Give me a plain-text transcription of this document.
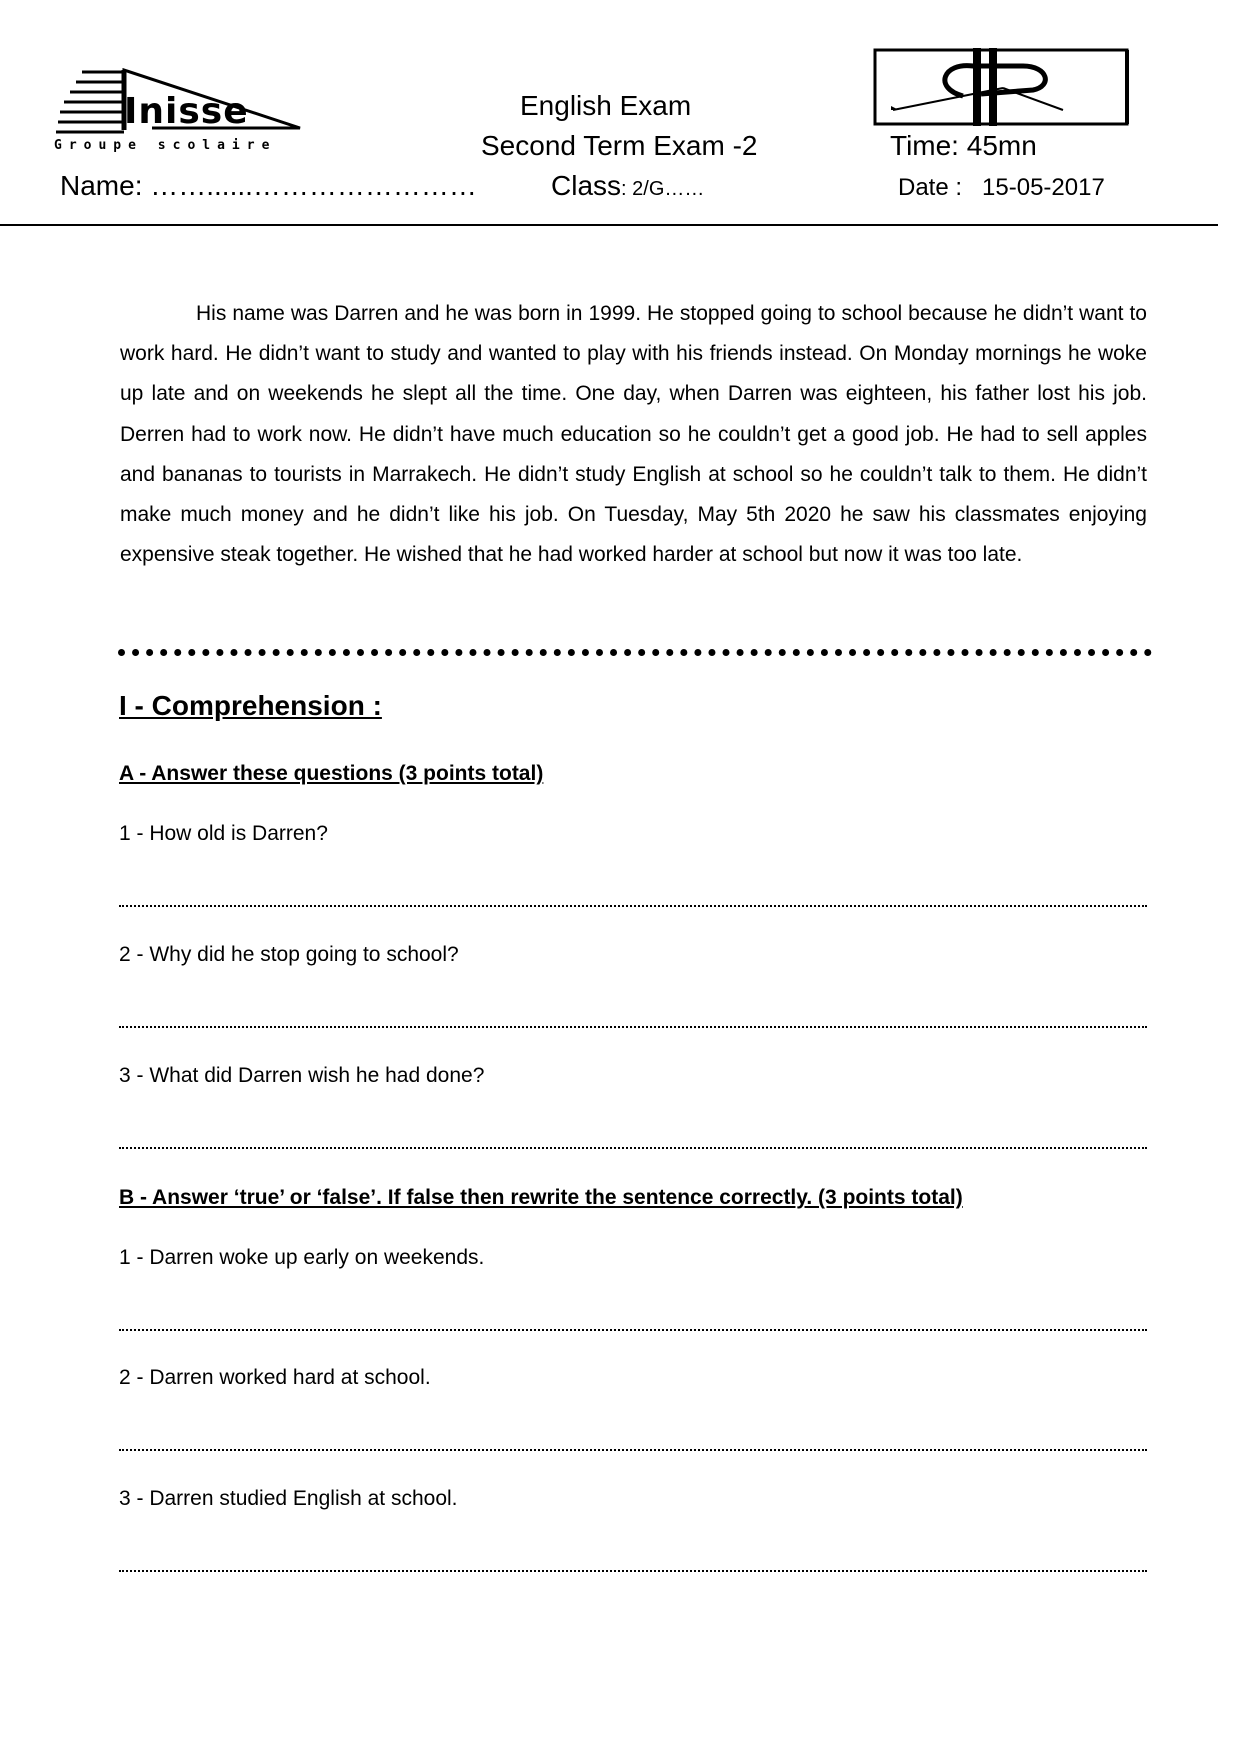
Inisse
Groupe scolaire
English Exam
Second Term Exam -2	Time: 45mn
Name: ……......……………………	Class: 2/G……	Date : 15-05-2017

His name was Darren and he was born in 1999. He stopped going to school because he didn’t want to work hard. He didn’t want to study and wanted to play with his friends instead. On Monday mornings he woke up late and on weekends he slept all the time. One day, when Darren was eighteen, his father lost his job. Derren had to work now. He didn’t have much education so he couldn’t get a good job. He had to sell apples and bananas to tourists in Marrakech. He didn’t study English at school so he couldn’t talk to them. He didn’t make much money and he didn’t like his job. On Tuesday, May 5th 2020 he saw his classmates enjoying expensive steak together. He wished that he had worked harder at school but now it was too late.

I - Comprehension :
A - Answer these questions (3 points total)
1 - How old is Darren?
2 - Why did he stop going to school?
3 - What did Darren wish he had done?
B - Answer ‘true’ or ‘false’. If false then rewrite the sentence correctly. (3 points total)
1 - Darren woke up early on weekends.
2 - Darren worked hard at school.
3 - Darren studied English at school.
